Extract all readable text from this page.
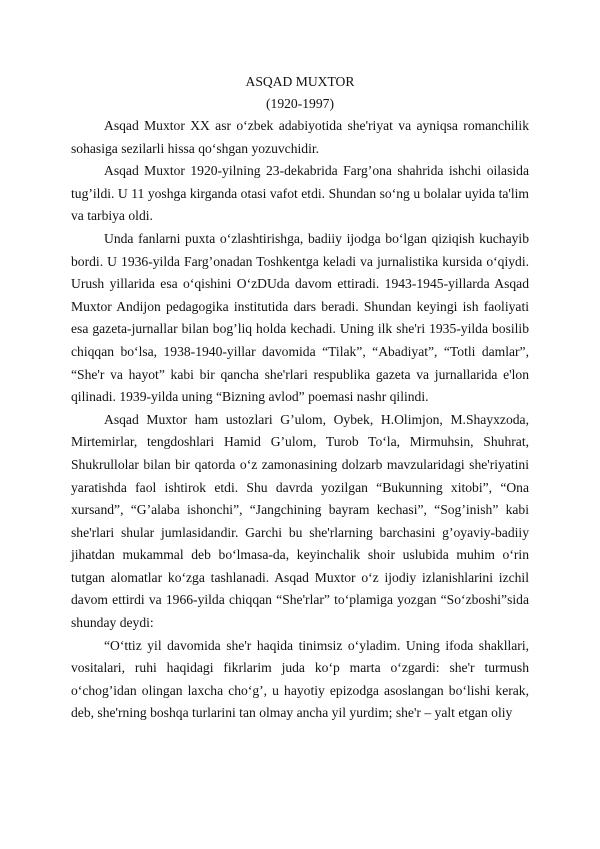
ASQAD MUXTOR

(1920-1997)

Asqad Muxtor XX asr o‘zbek adabiyotida she'riyat va ayniqsa romanchilik sohasiga sezilarli hissa qo‘shgan yozuvchidir.

Asqad Muxtor 1920-yilning 23-dekabrida Farg’ona shahrida ishchi oilasida tug’ildi. U 11 yoshga kirganda otasi vafot etdi. Shundan so‘ng u bolalar uyida ta'lim va tarbiya oldi.

Unda fanlarni puxta o‘zlashtirishga, badiiy ijodga bo‘lgan qiziqish kuchayib bordi. U 1936-yilda Farg’onadan Toshkentga keladi va jurnalistika kursida o‘qiydi. Urush yillarida esa o‘qishini O‘zDUda davom ettiradi. 1943-1945-yillarda Asqad Muxtor Andijon pedagogika institutida dars beradi. Shundan keyingi ish faoliyati esa gazeta-jurnallar bilan bog’liq holda kechadi. Uning ilk she'ri 1935-yilda bosilib chiqqan bo‘lsa, 1938-1940-yillar davomida “Tilak”, “Abadiyat”, “Totli damlar”, “She'r va hayot” kabi bir qancha she'rlari respublika gazeta va jurnallarida e'lon qilinadi. 1939-yilda uning “Bizning avlod” poemasi nashr qilindi.

Asqad Muxtor ham ustozlari G’ulom, Oybek, H.Olimjon, M.Shayxzoda, Mirtemirlar, tengdoshlari Hamid G’ulom, Turob To‘la, Mirmuhsin, Shuhrat, Shukrullolar bilan bir qatorda o‘z zamonasining dolzarb mavzularidagi she'riyatini yaratishda faol ishtirok etdi. Shu davrda yozilgan “Bukunning xitobi”, “Ona xursand”, “G’alaba ishonchi”, “Jangchining bayram kechasi”, “Sog’inish” kabi she'rlari shular jumlasidandir. Garchi bu she'rlarning barchasini g’oyaviy-badiiy jihatdan mukammal deb bo‘lmasa-da, keyinchalik shoir uslubida muhim o‘rin tutgan alomatlar ko‘zga tashlanadi. Asqad Muxtor o‘z ijodiy izlanishlarini izchil davom ettirdi va 1966-yilda chiqqan “She'rlar” to‘plamiga yozgan “So‘zboshi”sida shunday deydi:

“O‘ttiz yil davomida she'r haqida tinimsiz o‘yladim. Uning ifoda shakllari, vositalari, ruhi haqidagi fikrlarim juda ko‘p marta o‘zgardi: she'r turmush o‘chog’idan olingan laxcha cho‘g’, u hayotiy epizodga asoslangan bo‘lishi kerak, deb, she'rning boshqa turlarini tan olmay ancha yil yurdim; she'r – yalt etgan oliy
